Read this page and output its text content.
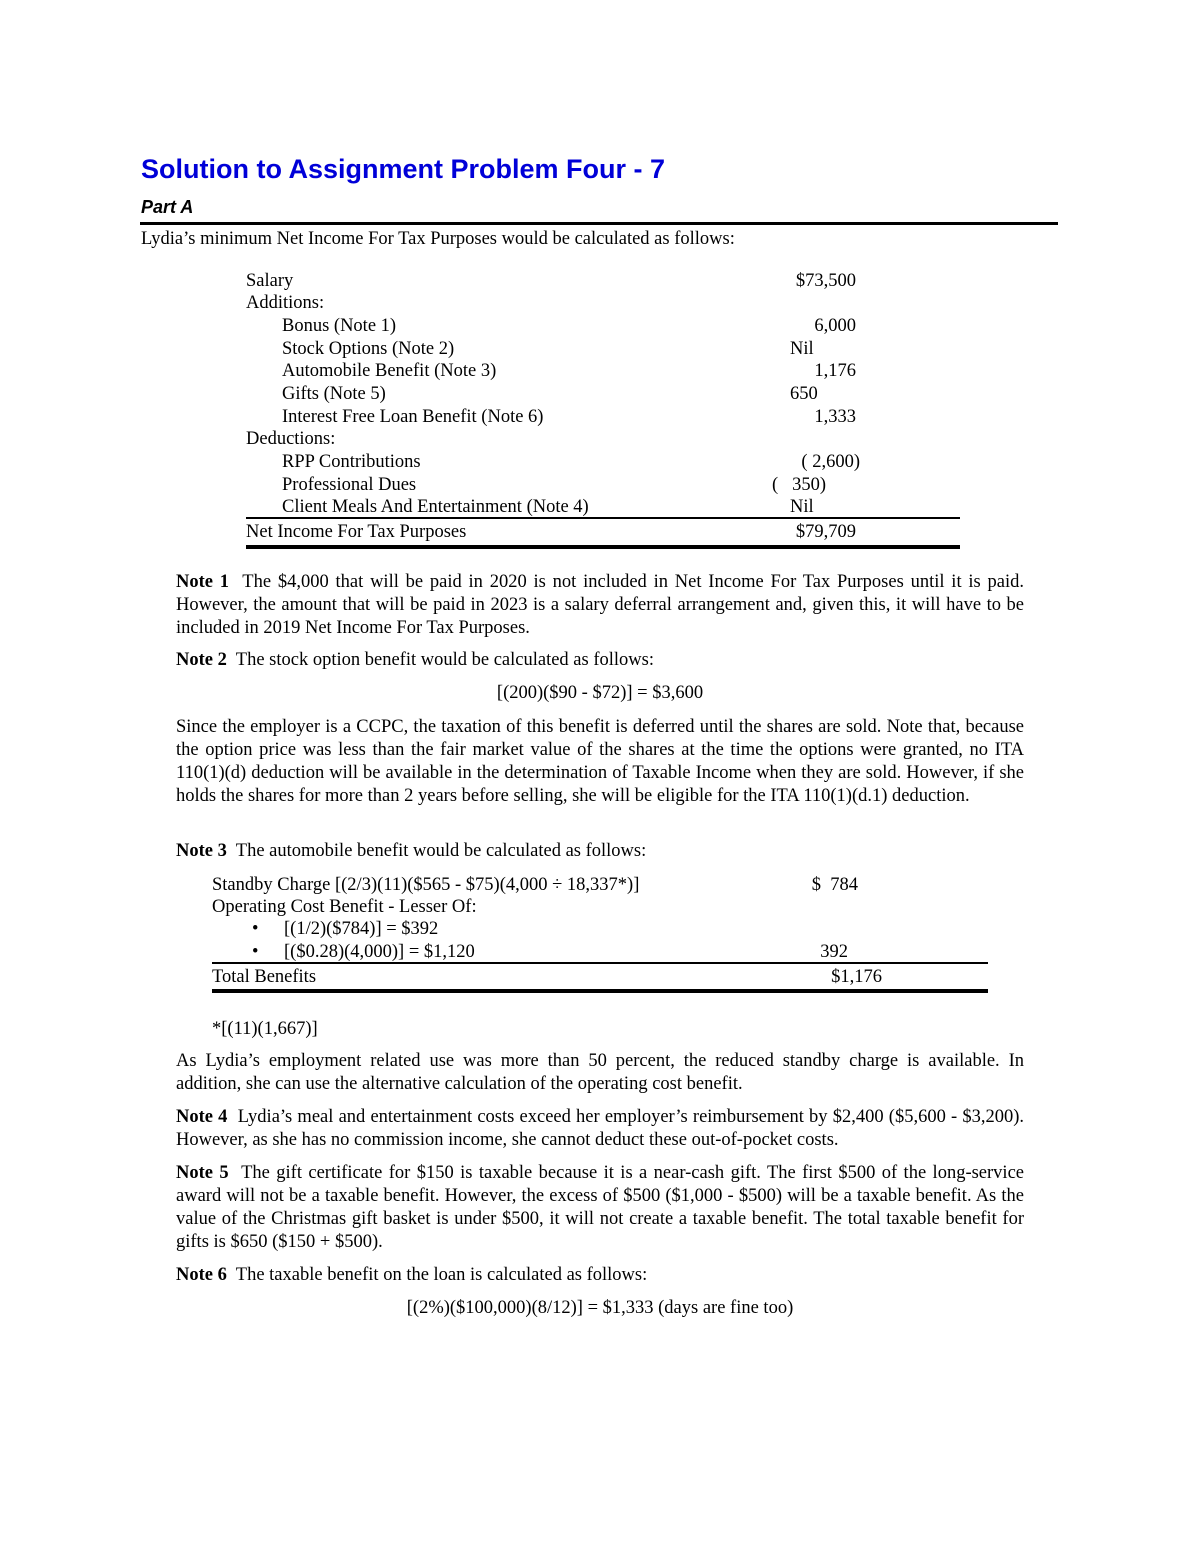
Solution to Assignment Problem Four - 7
Part A
Lydia’s minimum Net Income For Tax Purposes would be calculated as follows:
Salary	$73,500
Additions:
Bonus (Note 1)	6,000
Stock Options (Note 2)	Nil
Automobile Benefit (Note 3)	1,176
Gifts (Note 5)	650
Interest Free Loan Benefit (Note 6)	1,333
Deductions:
RPP Contributions	( 2,600)
Professional Dues	(   350)
Client Meals And Entertainment (Note 4)	Nil
Net Income For Tax Purposes	$79,709

Note 1 The $4,000 that will be paid in 2020 is not included in Net Income For Tax Purposes until it is paid. However, the amount that will be paid in 2023 is a salary deferral arrangement and, given this, it will have to be included in 2019 Net Income For Tax Purposes.

Note 2 The stock option benefit would be calculated as follows:

[(200)($90 - $72)] = $3,600

Since the employer is a CCPC, the taxation of this benefit is deferred until the shares are sold. Note that, because the option price was less than the fair market value of the shares at the time the options were granted, no ITA 110(1)(d) deduction will be available in the determination of Taxable Income when they are sold. However, if she holds the shares for more than 2 years before selling, she will be eligible for the ITA 110(1)(d.1) deduction.

Note 3 The automobile benefit would be calculated as follows:

Standby Charge [(2/3)(11)($565 - $75)(4,000 ÷ 18,337*)]	$  784
Operating Cost Benefit - Lesser Of:
• [(1/2)($784)] = $392
• [($0.28)(4,000)] = $1,120	392
Total Benefits	$1,176
*[(11)(1,667)]

As Lydia’s employment related use was more than 50 percent, the reduced standby charge is available. In addition, she can use the alternative calculation of the operating cost benefit.

Note 4 Lydia’s meal and entertainment costs exceed her employer’s reimbursement by $2,400 ($5,600 - $3,200). However, as she has no commission income, she cannot deduct these out-of-pocket costs.

Note 5 The gift certificate for $150 is taxable because it is a near-cash gift. The first $500 of the long-service award will not be a taxable benefit. However, the excess of $500 ($1,000 - $500) will be a taxable benefit. As the value of the Christmas gift basket is under $500, it will not create a taxable benefit. The total taxable benefit for gifts is $650 ($150 + $500).

Note 6 The taxable benefit on the loan is calculated as follows:

[(2%)($100,000)(8/12)] = $1,333 (days are fine too)
